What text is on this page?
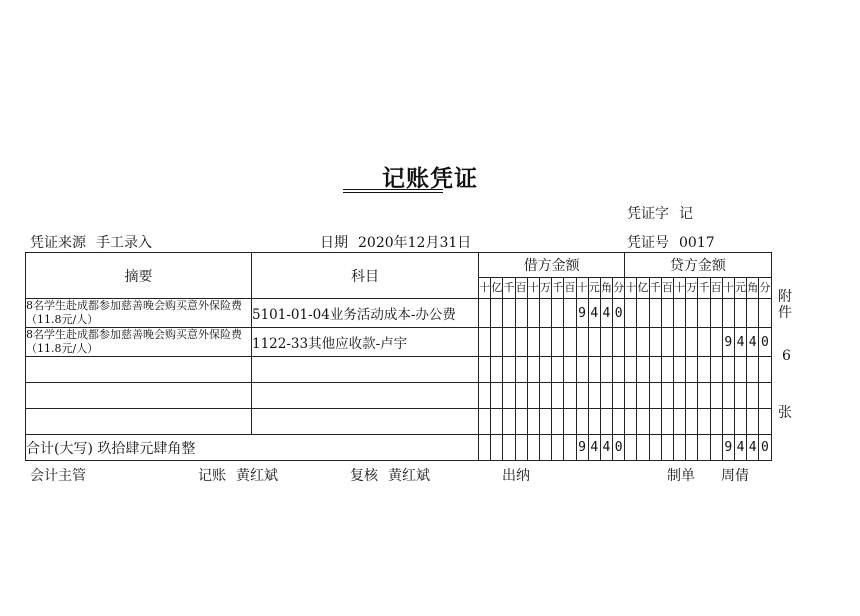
记账凭证
凭证字 记
凭证来源 手工录入	日期 2020年12月31日	凭证号 0017
摘要	科目	借方金额												贷方金额											
		十	亿	千	百	十	万	千	百	十	元	角	分	十	亿	千	百	十	万	千	百	十	元	角	分
8名学生赴成都参加慈善晚会购买意外保险费（11.8元/人）	5101-01-04业务活动成本-办公费									9	4	4	0												
8名学生赴成都参加慈善晚会购买意外保险费（11.8元/人）	1122-33其他应收款-卢宇																					9	4	4	0

合计(大写) 玖拾肆元肆角整										9	4	4	0									9	4	4	0
附
件
6
张
会计主管	记账 黄红斌	复核 黄红斌	出纳	制单 周倩
